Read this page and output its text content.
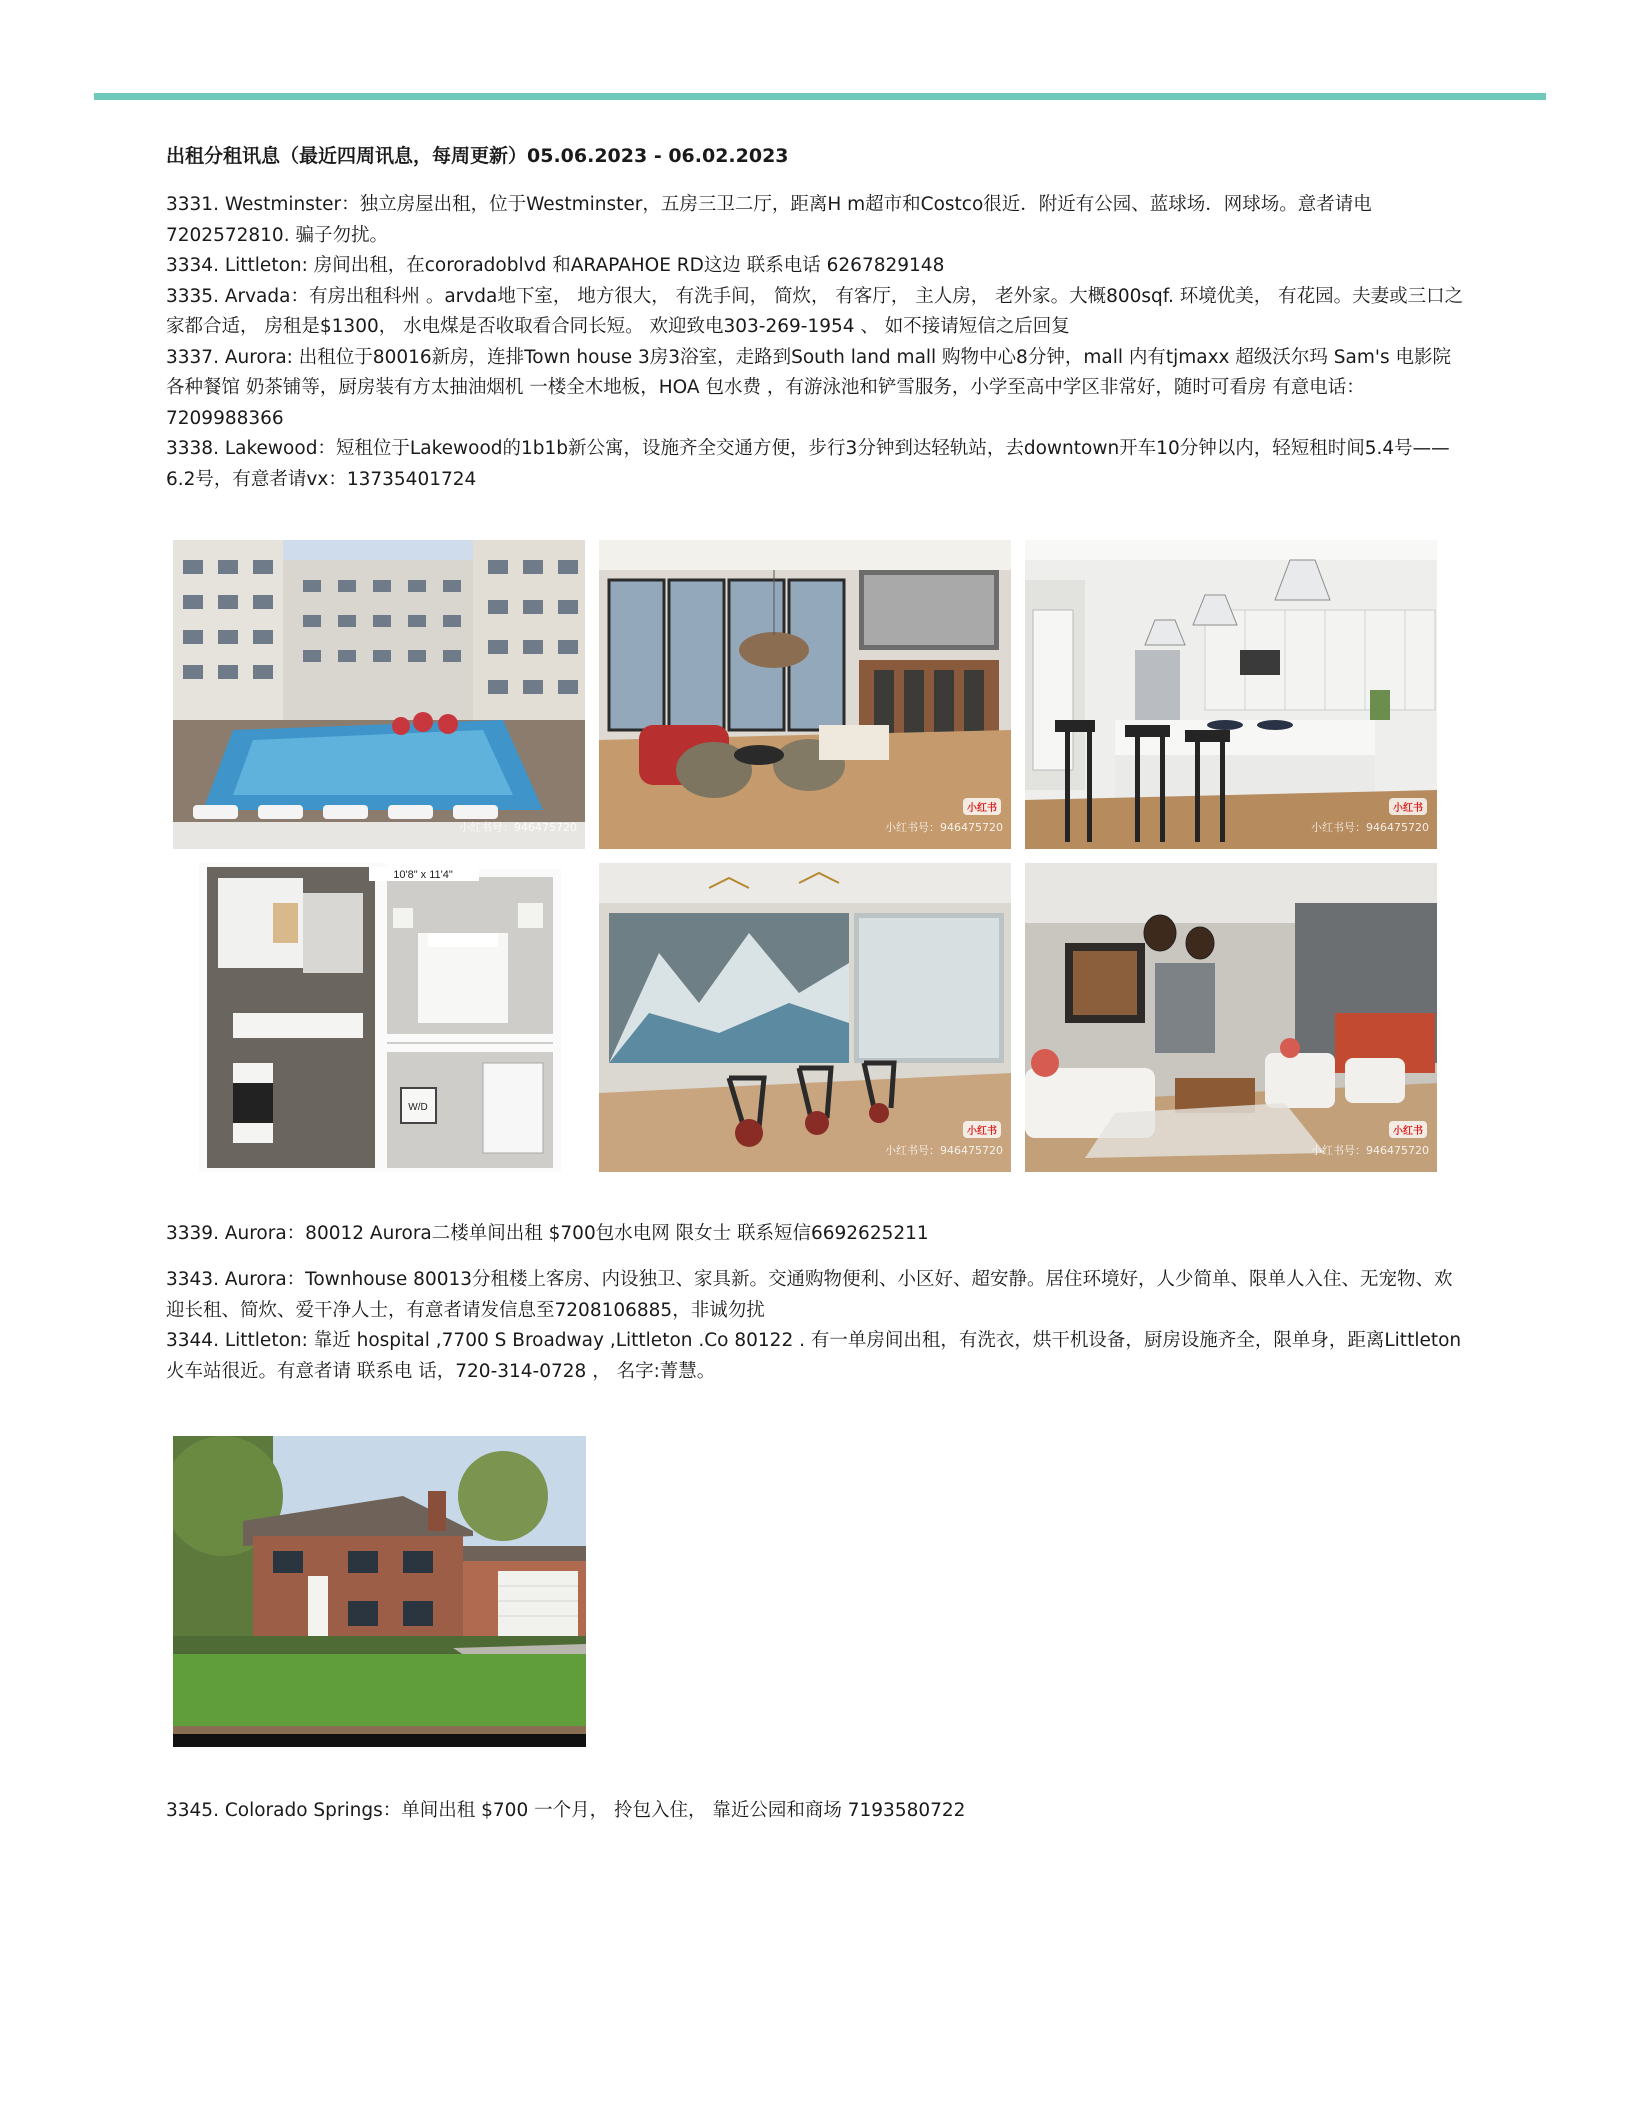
出租分租讯息（最近四周讯息，每周更新）05.06.2023 - 06.02.2023

3331. Westminster：独立房屋出租，位于Westminster，五房三卫二厅，距离H m超市和Costco很近．附近有公园、蓝球场．网球场。意者请电7202572810. 骗子勿扰。

3334. Littleton: 房间出租，在cororadoblvd 和ARAPAHOE RD这边 联系电话 6267829148

3335. Arvada：有房出租科州 。arvda地下室， 地方很大， 有洗手间， 简炊， 有客厅， 主人房， 老外家。大概800sqf. 环境优美， 有花园。夫妻或三口之家都合适， 房租是$1300， 水电煤是否收取看合同长短。 欢迎致电303-269-1954 、 如不接请短信之后回复

3337. Aurora: 出租位于80016新房，连排Town house 3房3浴室，走路到South land mall 购物中心8分钟，mall 内有tjmaxx 超级沃尔玛 Sam's 电影院 各种餐馆 奶茶铺等，厨房装有方太抽油烟机 一楼全木地板，HOA 包水费 ，有游泳池和铲雪服务，小学至高中学区非常好，随时可看房 有意电话：7209988366

3338. Lakewood：短租位于Lakewood的1b1b新公寓，设施齐全交通方便，步行3分钟到达轻轨站，去downtown开车10分钟以内，轻短租时间5.4号——6.2号，有意者请vx：13735401724

小红书号：946475720
小红书
小红书号：946475720
小红书
小红书号：946475720
W/D
10'8" x 11'4"
小红书
小红书号：946475720
小红书
小红书号：946475720

3339. Aurora：80012 Aurora二楼单间出租 $700包水电网 限女士 联系短信6692625211

3343. Aurora：Townhouse 80013分租楼上客房、内设独卫、家具新。交通购物便利、小区好、超安静。居住环境好，人少简单、限单人入住、无宠物、欢迎长租、简炊、爱干净人士，有意者请发信息至7208106885，非诚勿扰

3344. Littleton: 靠近 hospital ,7700 S Broadway ,Littleton .Co 80122 . 有一单房间出租，有洗衣，烘干机设备，厨房设施齐全，限单身，距离Littleton火车站很近。有意者请 联系电 话，720-314-0728 ， 名字:菁慧。

3345. Colorado Springs：单间出租 $700 一个月， 拎包入住， 靠近公园和商场 7193580722
